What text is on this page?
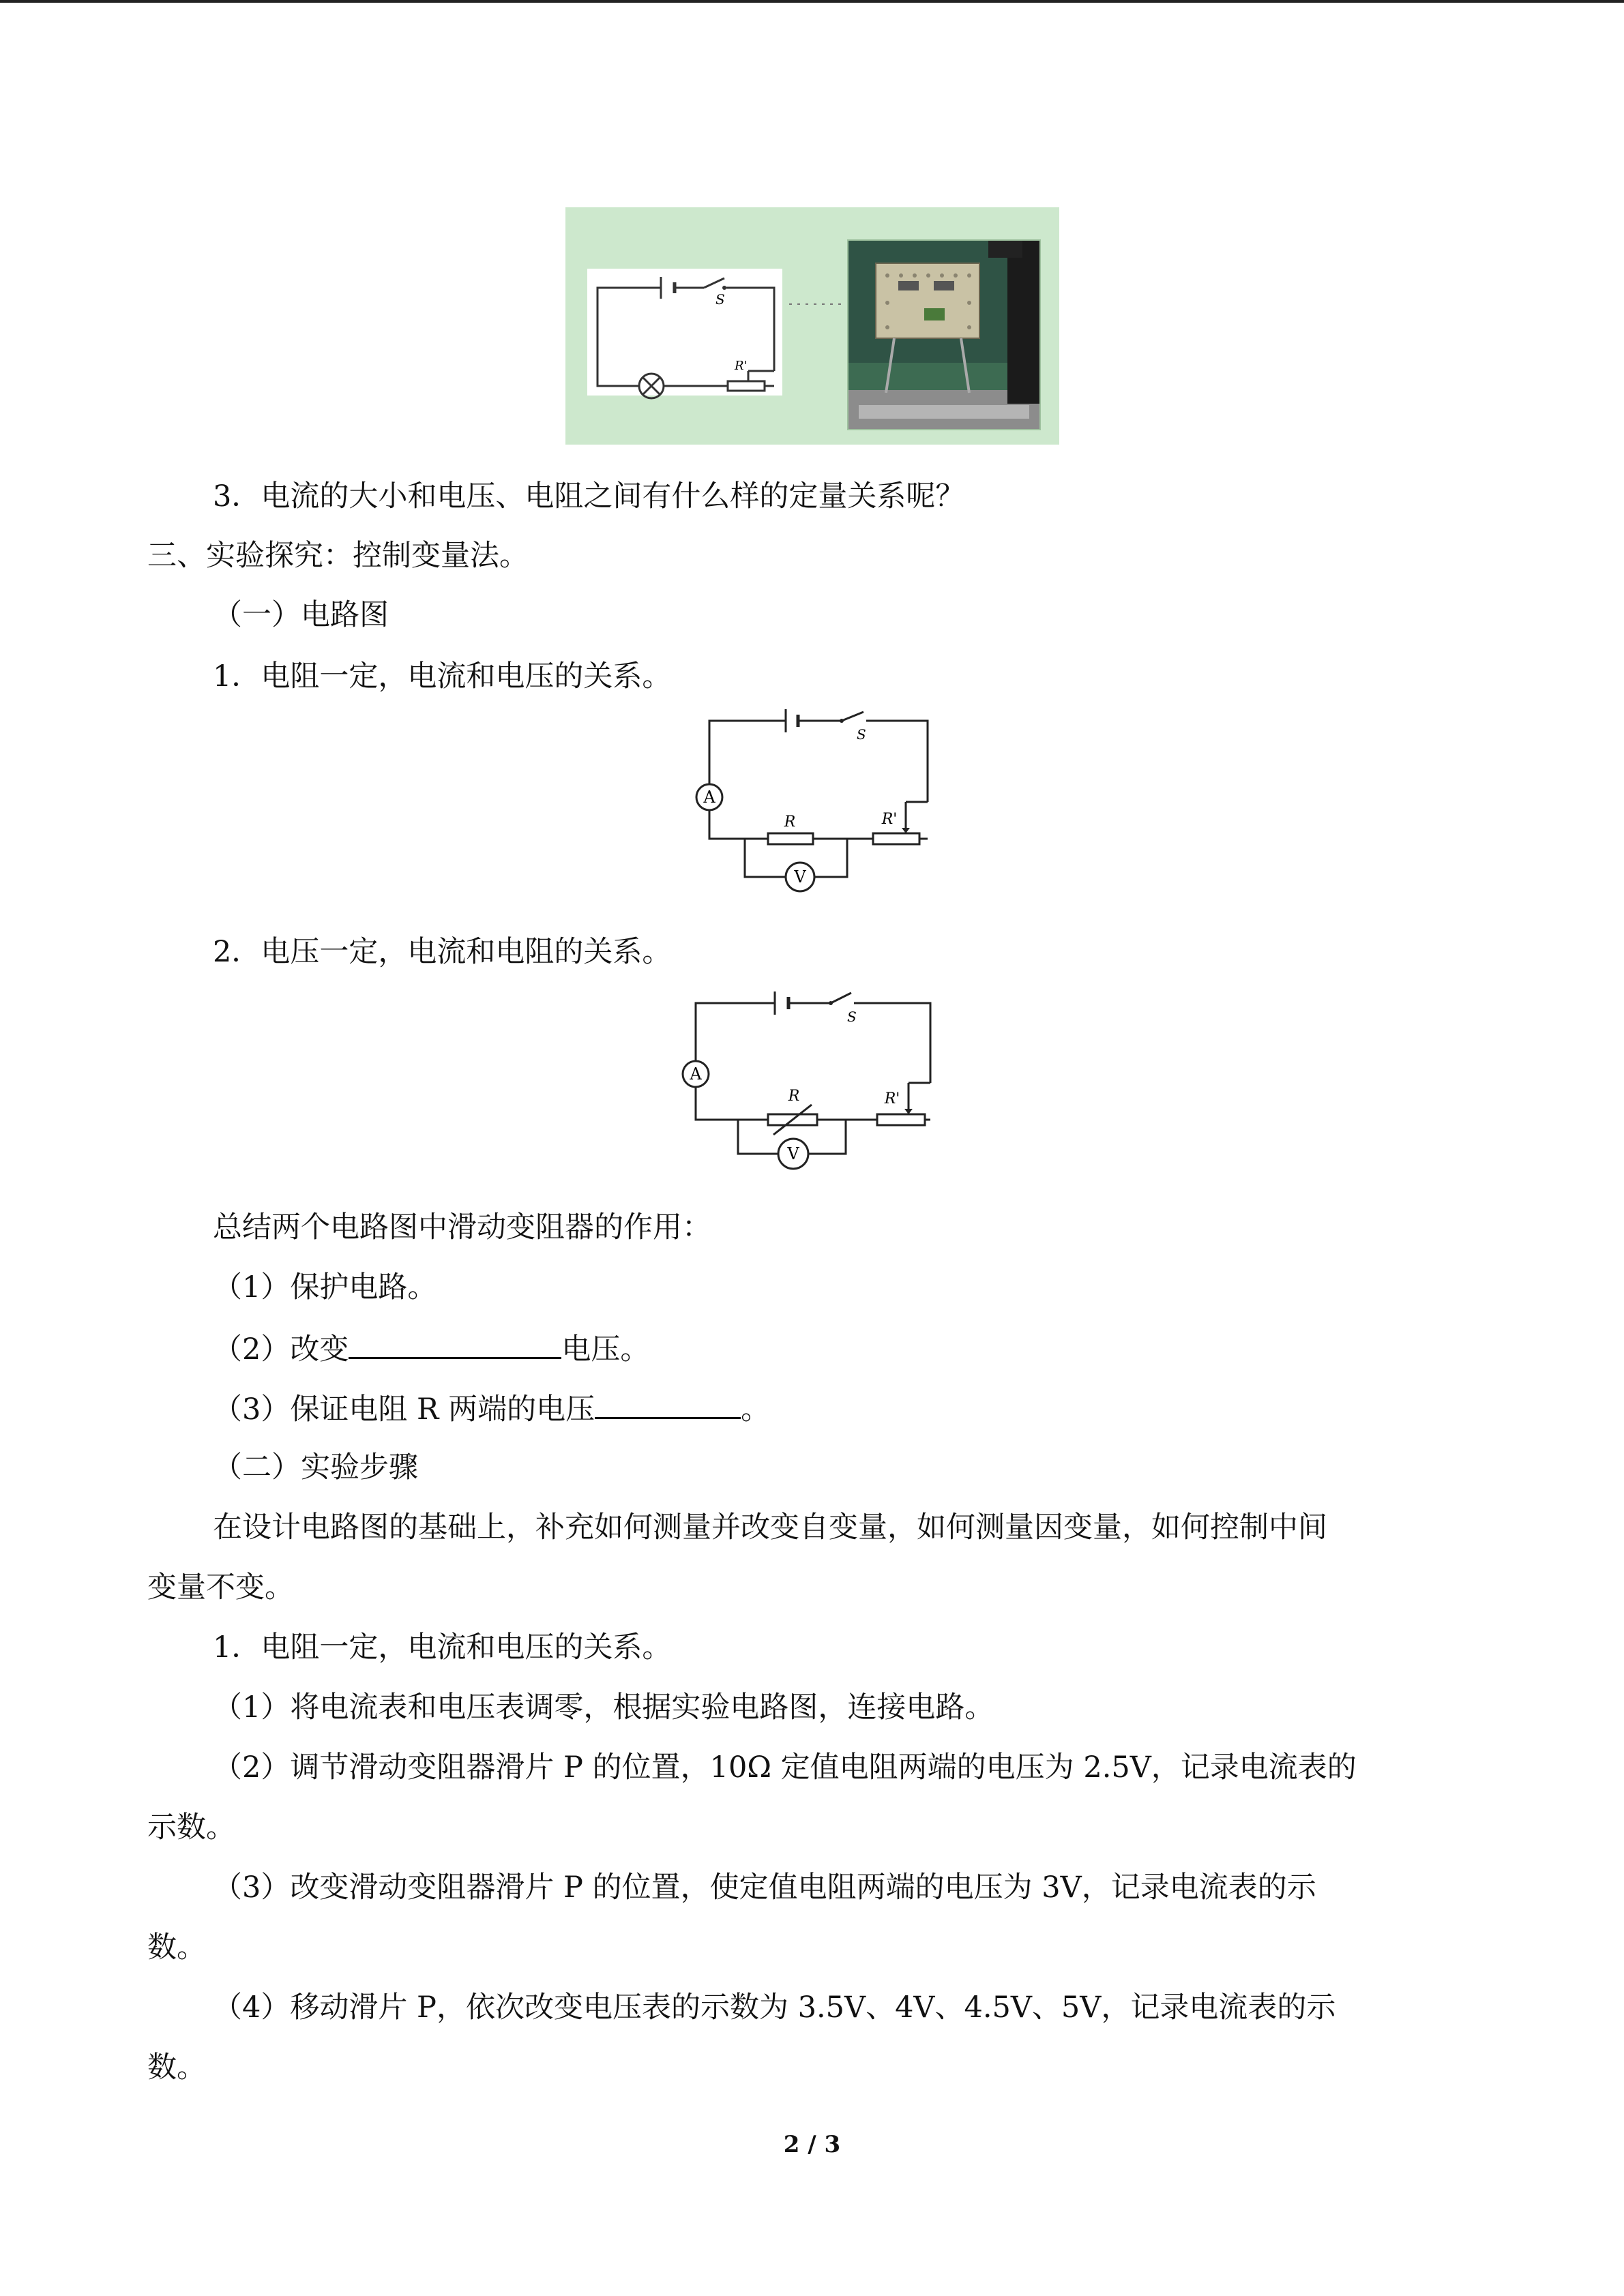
S
R'
3．电流的大小和电压、电阻之间有什么样的定量关系呢？
三、实验探究：控制变量法。
（一）电路图
1．电阻一定，电流和电压的关系。
A
V
R	R'
S
2．电压一定，电流和电阻的关系。
A
V
R	R'
S
总结两个电路图中滑动变阻器的作用：
（1）保护电路。
（2）改变	电压。
（3）保证电阻 R 两端的电压	。
（二）实验步骤
在设计电路图的基础上，补充如何测量并改变自变量，如何测量因变量，如何控制中间
变量不变。
1．电阻一定，电流和电压的关系。
（1）将电流表和电压表调零，根据实验电路图，连接电路。
（2）调节滑动变阻器滑片 P 的位置，10Ω 定值电阻两端的电压为 2.5V，记录电流表的
示数。
（3）改变滑动变阻器滑片 P 的位置，使定值电阻两端的电压为 3V，记录电流表的示
数。
（4）移动滑片 P，依次改变电压表的示数为 3.5V、4V、4.5V、5V，记录电流表的示
数。
2 / 3
